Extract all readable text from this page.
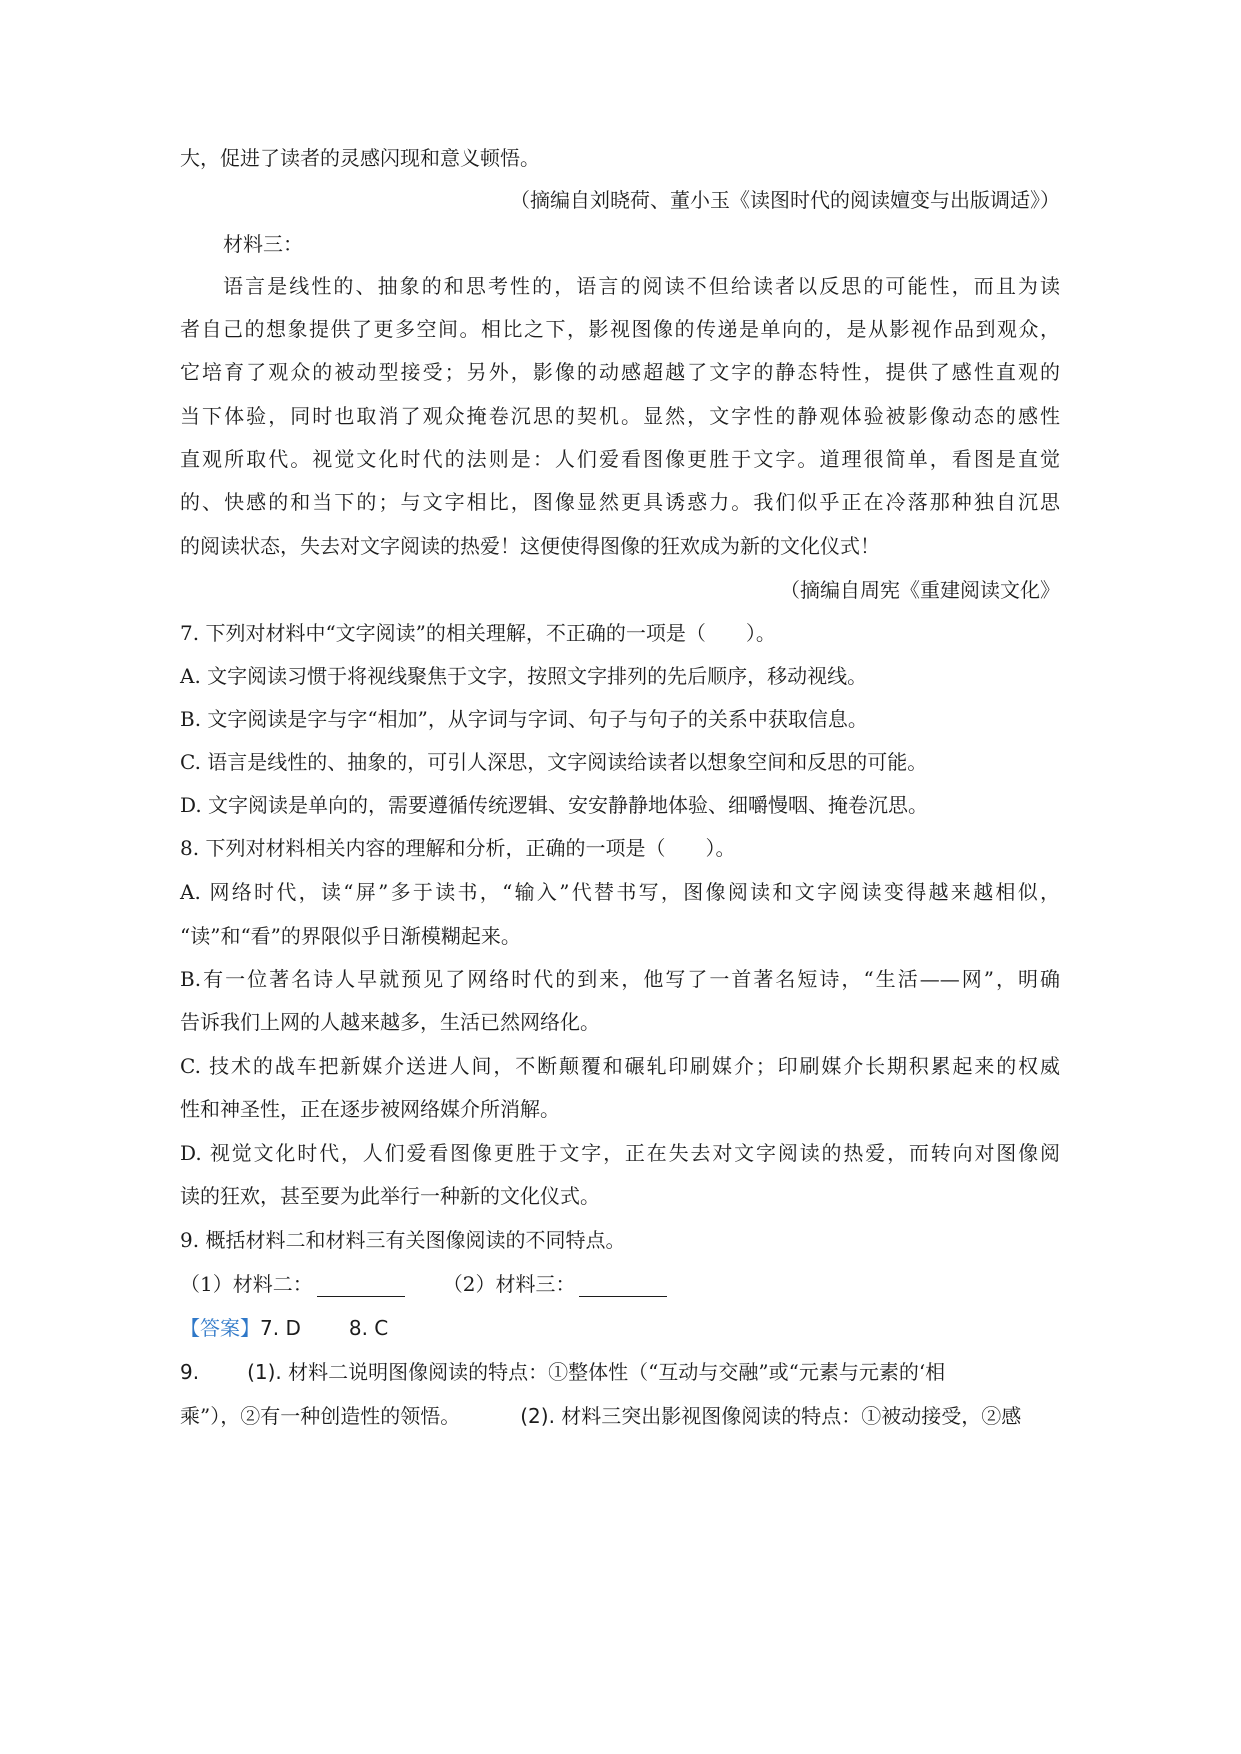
大，促进了读者的灵感闪现和意义顿悟。

（摘编自刘晓荷、董小玉《读图时代的阅读嬗变与出版调适》）

材料三：

语言是线性的、抽象的和思考性的，语言的阅读不但给读者以反思的可能性，而且为读

者自己的想象提供了更多空间。相比之下，影视图像的传递是单向的，是从影视作品到观众，

它培育了观众的被动型接受；另外，影像的动感超越了文字的静态特性，提供了感性直观的

当下体验，同时也取消了观众掩卷沉思的契机。显然，文字性的静观体验被影像动态的感性

直观所取代。视觉文化时代的法则是：人们爱看图像更胜于文字。道理很简单，看图是直觉

的、快感的和当下的；与文字相比，图像显然更具诱惑力。我们似乎正在冷落那种独自沉思

的阅读状态，失去对文字阅读的热爱！这便使得图像的狂欢成为新的文化仪式！

（摘编自周宪《重建阅读文化》

7. 下列对材料中“文字阅读”的相关理解，不正确的一项是（　　）。

A. 文字阅读习惯于将视线聚焦于文字，按照文字排列的先后顺序，移动视线。

B. 文字阅读是字与字“相加”，从字词与字词、句子与句子的关系中获取信息。

C. 语言是线性的、抽象的，可引人深思，文字阅读给读者以想象空间和反思的可能。

D. 文字阅读是单向的，需要遵循传统逻辑、安安静静地体验、细嚼慢咽、掩卷沉思。

8. 下列对材料相关内容的理解和分析，正确的一项是（　　）。

A. 网络时代，读“屏”多于读书，“输入”代替书写，图像阅读和文字阅读变得越来越相似，

“读”和“看”的界限似乎日渐模糊起来。

B.有一位著名诗人早就预见了网络时代的到来，他写了一首著名短诗，“生活——网”，明确

告诉我们上网的人越来越多，生活已然网络化。

C. 技术的战车把新媒介送进人间，不断颠覆和碾轧印刷媒介；印刷媒介长期积累起来的权威

性和神圣性，正在逐步被网络媒介所消解。

D. 视觉文化时代，人们爱看图像更胜于文字，正在失去对文字阅读的热爱，而转向对图像阅

读的狂欢，甚至要为此举行一种新的文化仪式。

9. 概括材料二和材料三有关图像阅读的不同特点。

（1）材料二：	（2）材料三：

【答案】7. D 8. C

9. (1). 材料二说明图像阅读的特点：①整体性（“互动与交融”或“元素与元素的‘相

乘”），②有一种创造性的领悟。	(2). 材料三突出影视图像阅读的特点：①被动接受，②感
